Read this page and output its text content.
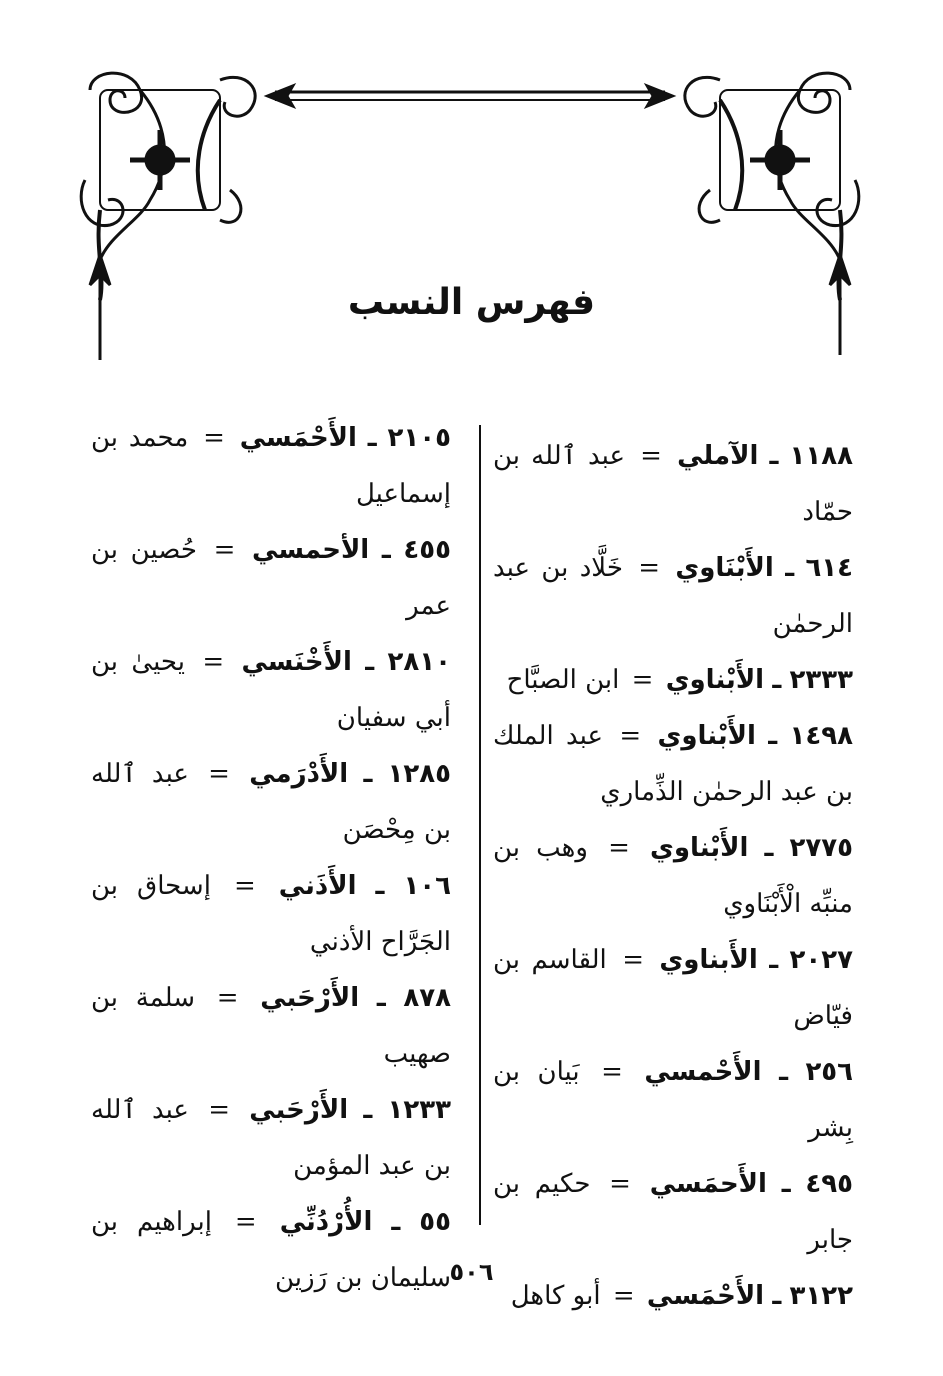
فهرس النسب

١١٨٨ ـ الآملي = عبد ٱلله بن حمّاد

٦١٤ ـ الأَبْنَاوي = خَلَّاد بن عبد الرحمٰن

٢٣٣٣ ـ الأَبْناوي = ابن الصبَّاح

١٤٩٨ ـ الأَبْناوي = عبد الملك بن عبد الرحمٰن الذِّماري

٢٧٧٥ ـ الأَبْناوي = وهب بن منبِّه الْأَبْنَاوي

٢٠٢٧ ـ الأَبناوي = القاسم بن فيّاض

٢٥٦ ـ الأَحْمسي = بَيان بن بِشر

٤٩٥ ـ الأَحمَسي = حكيم بن جابر

٣١٢٢ ـ الأَحْمَسي = أبو كاهل

٢١٠٥ ـ الأَحْمَسي = محمد بن إسماعيل

٤٥٥ ـ الأحمسي = حُصين بن عمر

٢٨١٠ ـ الأَخْنَسي = يحيىٰ بن أبي سفيان

١٢٨٥ ـ الأَدْرَمي = عبد ٱلله بن مِحْصَن

١٠٦ ـ الأَذَني = إسحاق بن الجَرَّاح الأذني

٨٧٨ ـ الأَرْحَبي = سلمة بن صهيب

١٢٣٣ ـ الأَرْحَبي = عبد ٱلله بن عبد المؤمن

٥٥ ـ الأُرْدُنِّي = إبراهيم بن سليمان بن رَزين

٥٠٦
